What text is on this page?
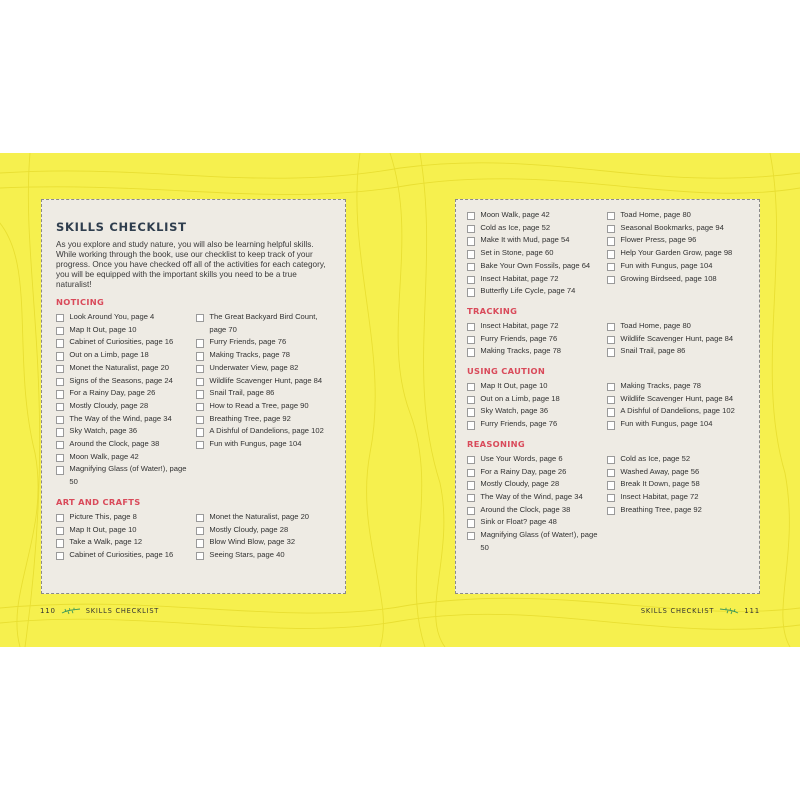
SKILLS CHECKLIST

As you explore and study nature, you will also be learning helpful skills. While working through the book, use our checklist to keep track of your progress. Once you have checked off all of the activities for each category, you will be equipped with the important skills you need to be a true naturalist!

NOTICING
Look Around You, page 4
Map It Out, page 10
Cabinet of Curiosities, page 16
Out on a Limb, page 18
Monet the Naturalist, page 20
Signs of the Seasons, page 24
For a Rainy Day, page 26
Mostly Cloudy, page 28
The Way of the Wind, page 34
Sky Watch, page 36
Around the Clock, page 38
Moon Walk, page 42
Magnifying Glass (of Water!), page 50
The Great Backyard Bird Count, page 70
Furry Friends, page 76
Making Tracks, page 78
Underwater View, page 82
Wildlife Scavenger Hunt, page 84
Snail Trail, page 86
How to Read a Tree, page 90
Breathing Tree, page 92
A Dishful of Dandelions, page 102
Fun with Fungus, page 104
ART AND CRAFTS
Picture This, page 8
Map It Out, page 10
Take a Walk, page 12
Cabinet of Curiosities, page 16
Monet the Naturalist, page 20
Mostly Cloudy, page 28
Blow Wind Blow, page 32
Seeing Stars, page 40
Moon Walk, page 42
Cold as Ice, page 52
Make It with Mud, page 54
Set in Stone, page 60
Bake Your Own Fossils, page 64
Insect Habitat, page 72
Butterfly Life Cycle, page 74
Toad Home, page 80
Seasonal Bookmarks, page 94
Flower Press, page 96
Help Your Garden Grow, page 98
Fun with Fungus, page 104
Growing Birdseed, page 108
TRACKING
Insect Habitat, page 72
Furry Friends, page 76
Making Tracks, page 78
Toad Home, page 80
Wildlife Scavenger Hunt, page 84
Snail Trail, page 86
USING CAUTION
Map It Out, page 10
Out on a Limb, page 18
Sky Watch, page 36
Furry Friends, page 76
Making Tracks, page 78
Wildlife Scavenger Hunt, page 84
A Dishful of Dandelions, page 102
Fun with Fungus, page 104
REASONING
Use Your Words, page 6
For a Rainy Day, page 26
Mostly Cloudy, page 28
The Way of the Wind, page 34
Around the Clock, page 38
Sink or Float? page 48
Magnifying Glass (of Water!), page 50
Cold as Ice, page 52
Washed Away, page 56
Break It Down, page 58
Insect Habitat, page 72
Breathing Tree, page 92
110	SKILLS CHECKLIST	SKILLS CHECKLIST	111
